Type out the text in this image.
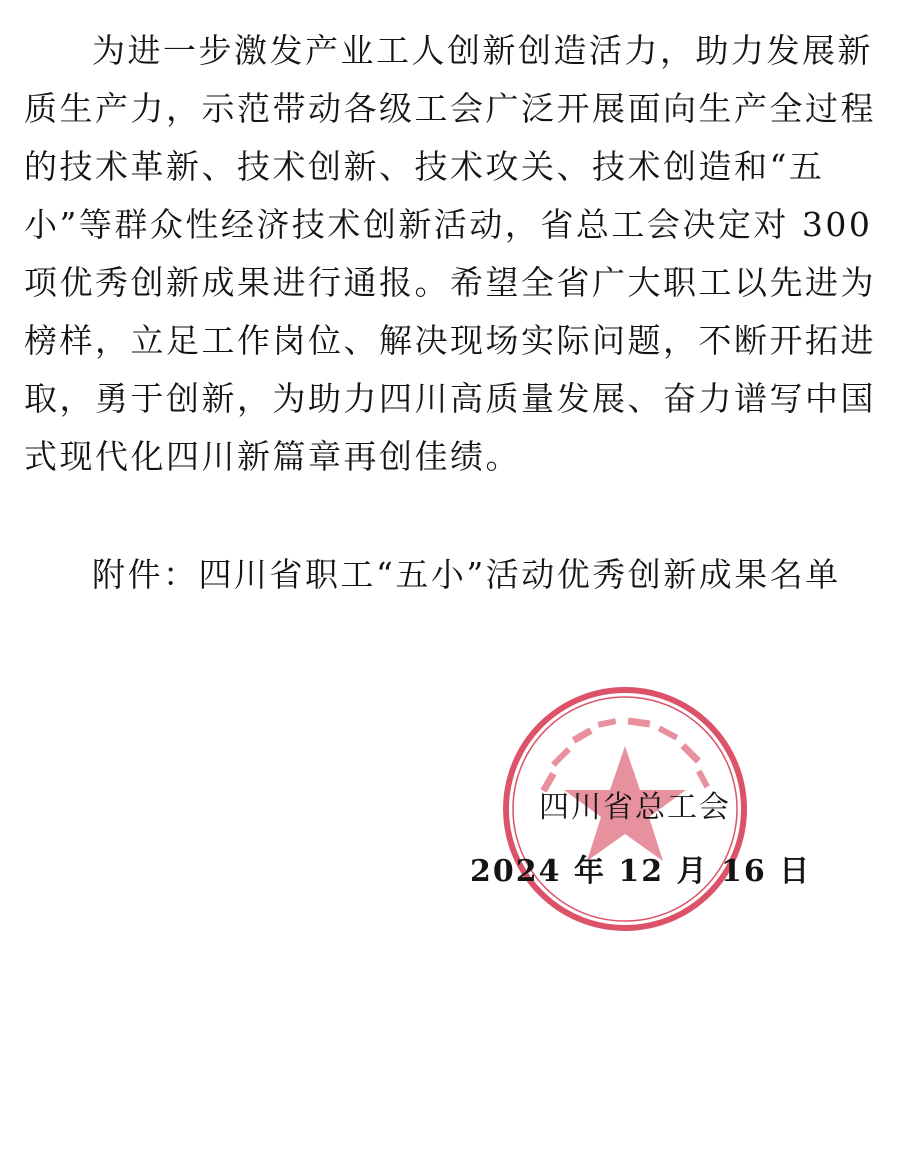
为进一步激发产业工人创新创造活力，助力发展新质生产力，示范带动各级工会广泛开展面向生产全过程的技术革新、技术创新、技术攻关、技术创造和“五小”等群众性经济技术创新活动，省总工会决定对 300 项优秀创新成果进行通报。希望全省广大职工以先进为榜样，立足工作岗位、解决现场实际问题，不断开拓进取，勇于创新，为助力四川高质量发展、奋力谱写中国式现代化四川新篇章再创佳绩。
附件：四川省职工“五小”活动优秀创新成果名单
四川省总工会
2024 年 12 月 16 日
